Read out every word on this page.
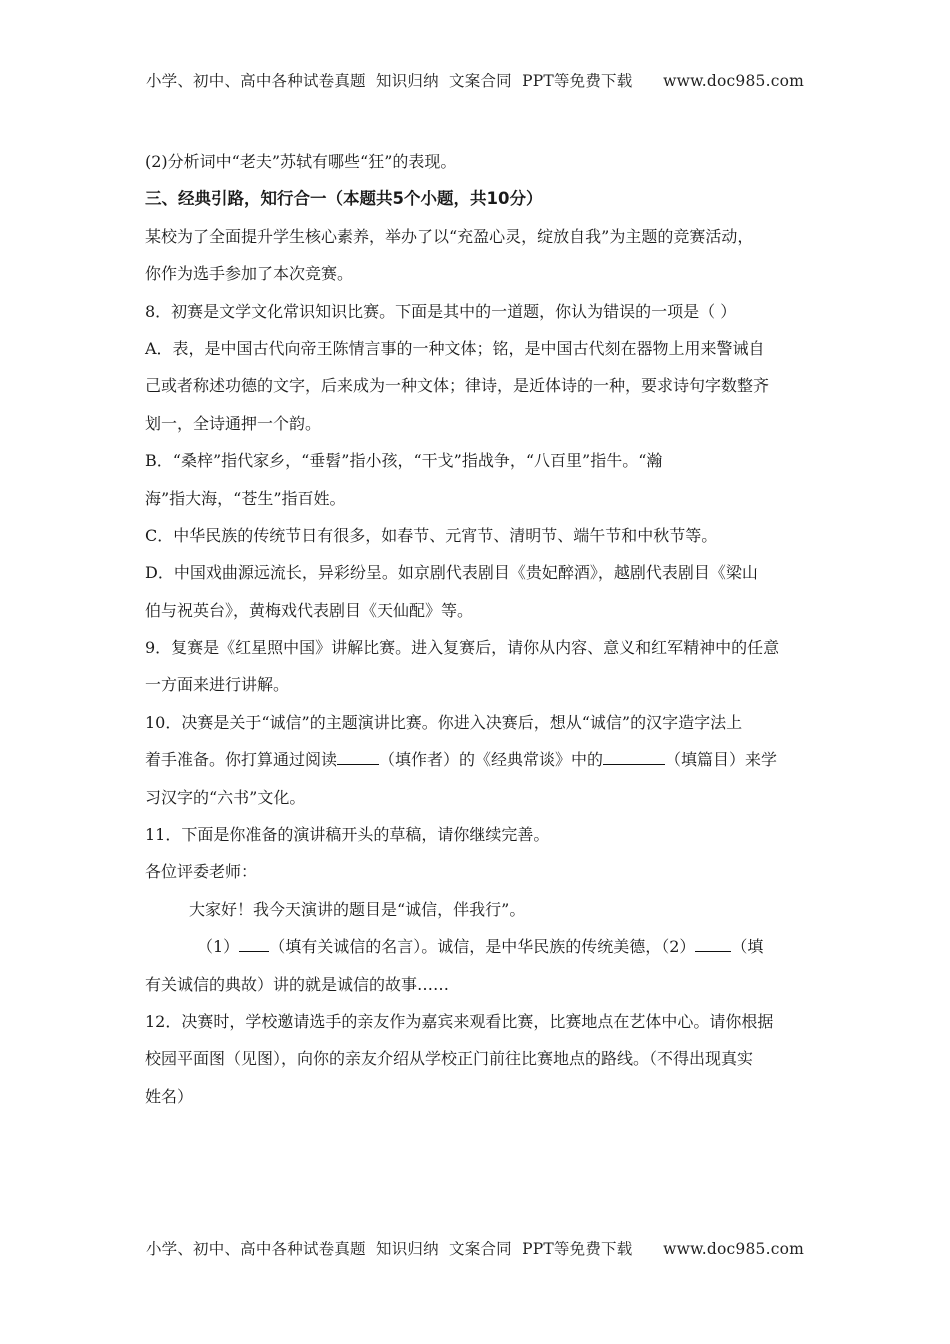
小学、初中、高中各种试卷真题  知识归纳  文案合同  PPT等免费下载      www.doc985.com
(2)分析词中“老夫”苏轼有哪些“狂”的表现。
三、经典引路，知行合一（本题共5个小题，共10分）
某校为了全面提升学生核心素养，举办了以“充盈心灵，绽放自我”为主题的竞赛活动，
你作为选手参加了本次竞赛。
8．初赛是文学文化常识知识比赛。下面是其中的一道题，你认为错误的一项是（ ）
A．表，是中国古代向帝王陈情言事的一种文体；铭，是中国古代刻在器物上用来警诫自
己或者称述功德的文字，后来成为一种文体；律诗，是近体诗的一种，要求诗句字数整齐
划一，全诗通押一个韵。
B．“桑梓”指代家乡，“垂髫”指小孩，“干戈”指战争，“八百里”指牛。“瀚
海”指大海，“苍生”指百姓。
C．中华民族的传统节日有很多，如春节、元宵节、清明节、端午节和中秋节等。
D．中国戏曲源远流长，异彩纷呈。如京剧代表剧目《贵妃醉酒》，越剧代表剧目《梁山
伯与祝英台》，黄梅戏代表剧目《天仙配》等。
9．复赛是《红星照中国》讲解比赛。进入复赛后，请你从内容、意义和红军精神中的任意
一方面来进行讲解。
10．决赛是关于“诚信”的主题演讲比赛。你进入决赛后，想从“诚信”的汉字造字法上
着手准备。你打算通过阅读	（填作者）的《经典常谈》中的	（填篇目）来学
习汉字的“六书”文化。
11．下面是你准备的演讲稿开头的草稿，请你继续完善。
各位评委老师：
大家好！我今天演讲的题目是“诚信，伴我行”。
（1） （填有关诚信的名言）。诚信，是中华民族的传统美德，（2） （填
有关诚信的典故）讲的就是诚信的故事……
12．决赛时，学校邀请选手的亲友作为嘉宾来观看比赛，比赛地点在艺体中心。请你根据
校园平面图（见图），向你的亲友介绍从学校正门前往比赛地点的路线。（不得出现真实
姓名）
小学、初中、高中各种试卷真题  知识归纳  文案合同  PPT等免费下载      www.doc985.com
